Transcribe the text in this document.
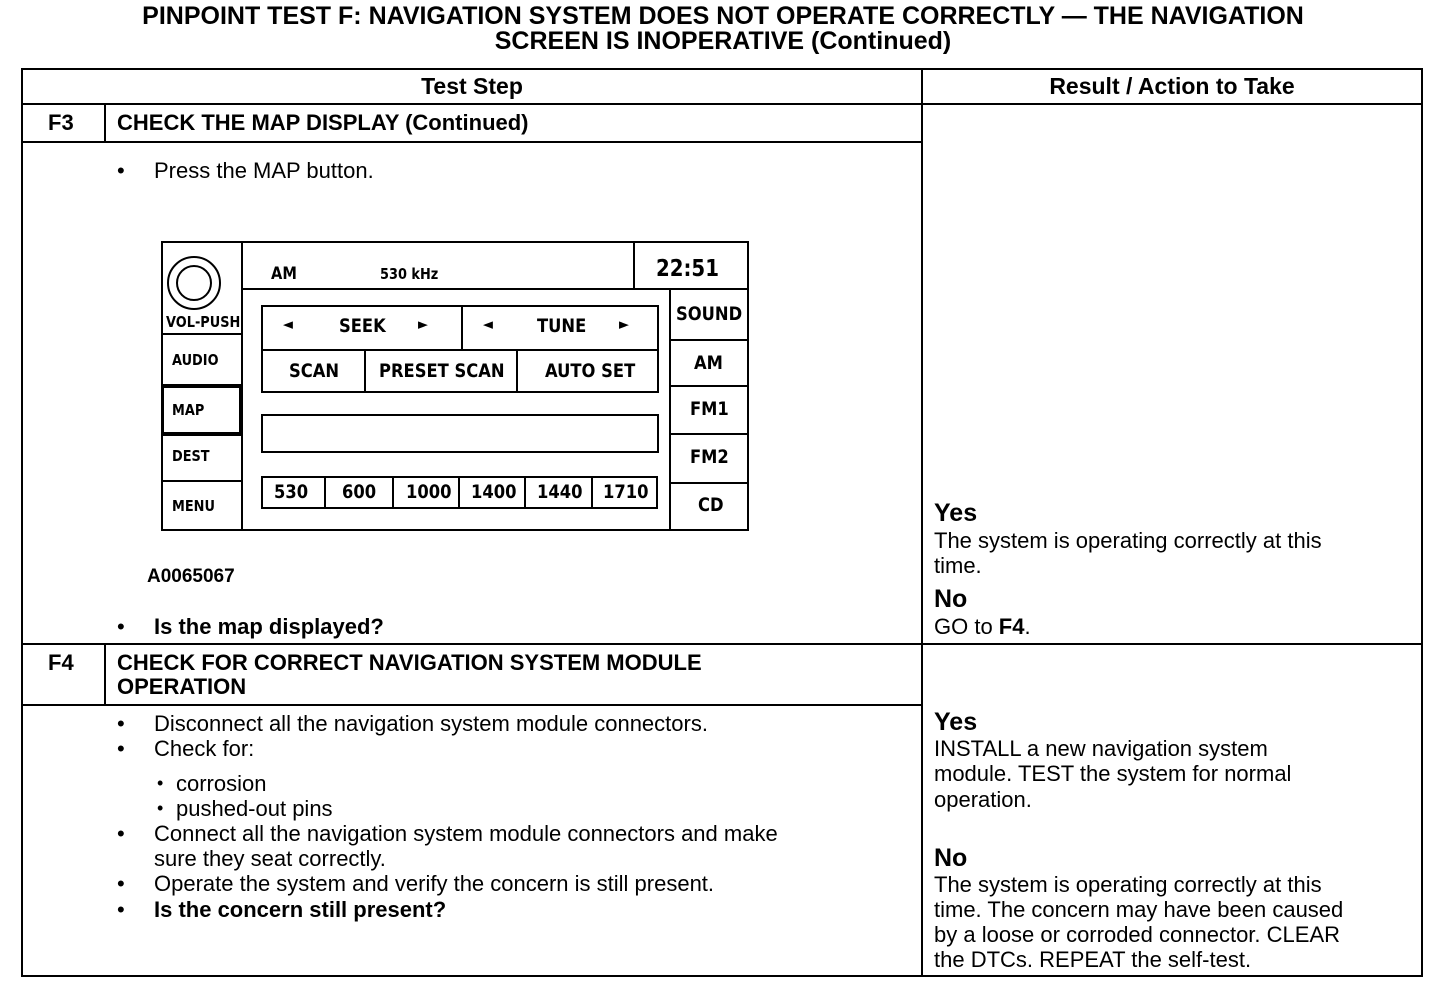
PINPOINT TEST F: NAVIGATION SYSTEM DOES NOT OPERATE CORRECTLY — THE NAVIGATION
SCREEN IS INOPERATIVE (Continued)
Test Step	Result / Action to Take
F3 CHECK THE MAP DISPLAY (Continued)
• Press the MAP button.
VOL-PUSH
AUDIO
MAP
DEST
MENU
AM	530 kHz	22:51
◄ SEEK ►	◄ TUNE ►
SCAN PRESET SCAN AUTO SET
530 600 1000 1400 1440 1710
SOUND
AM
FM1
FM2
CD
A0065067
• Is the map displayed?
Yes
The system is operating correctly at this
time.
No
GO to F4.
F4 CHECK FOR CORRECT NAVIGATION SYSTEM MODULE
OPERATION
• Disconnect all the navigation system module connectors.
• Check for:
• corrosion
• pushed-out pins
• Connect all the navigation system module connectors and make
sure they seat correctly.
• Operate the system and verify the concern is still present.
• Is the concern still present?
Yes
INSTALL a new navigation system
module. TEST the system for normal
operation.
No
The system is operating correctly at this
time. The concern may have been caused
by a loose or corroded connector. CLEAR
the DTCs. REPEAT the self-test.
